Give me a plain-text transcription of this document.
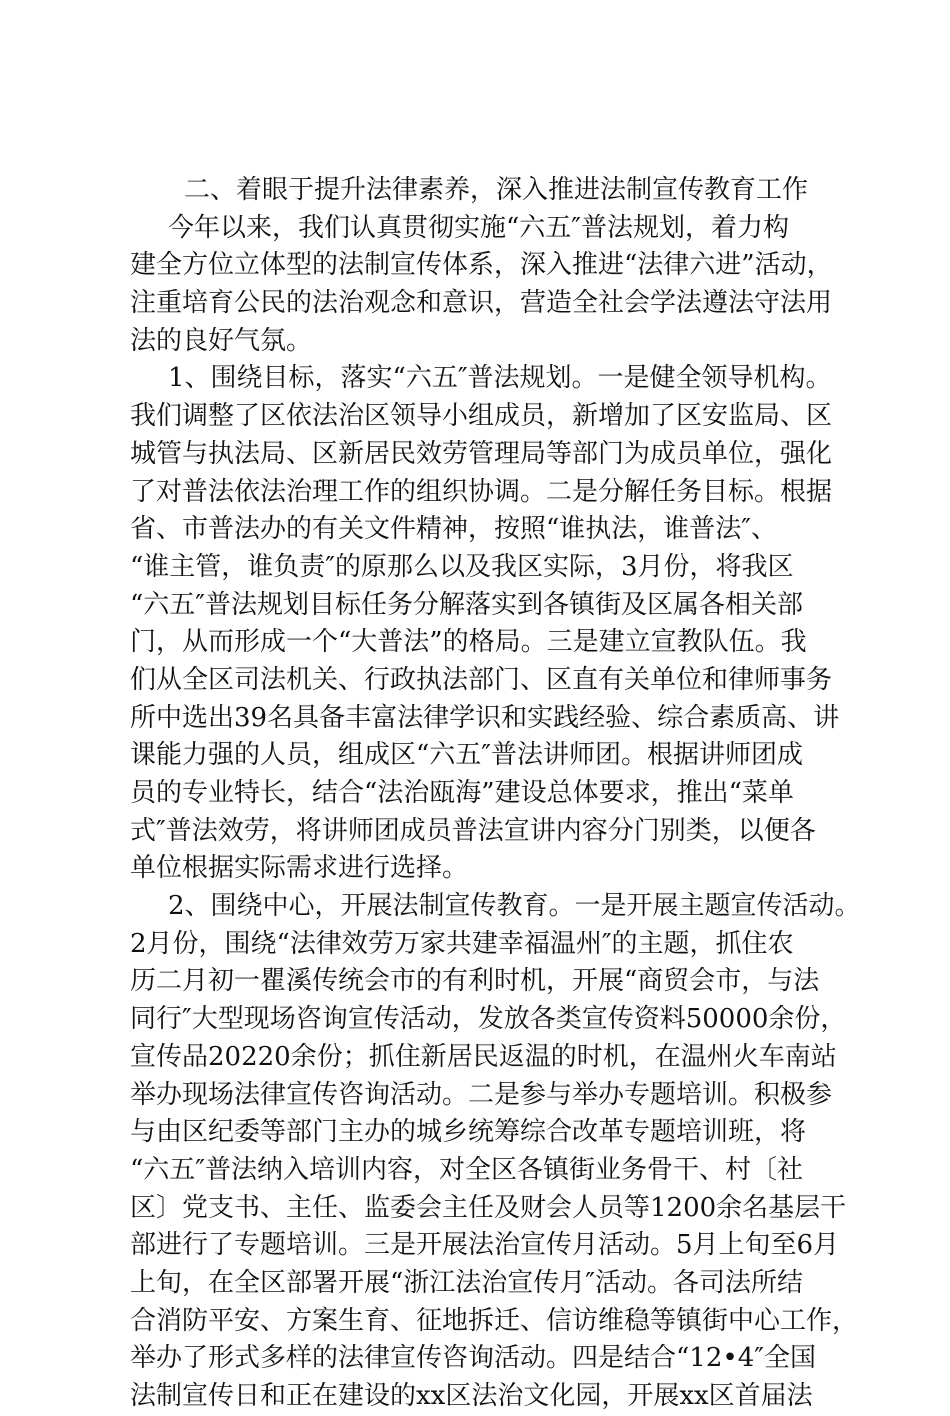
二、着眼于提升法律素养，深入推进法制宣传教育工作
今年以来，我们认真贯彻实施“六五″普法规划，着力构
建全方位立体型的法制宣传体系，深入推进“法律六进”活动，
注重培育公民的法治观念和意识，营造全社会学法遵法守法用
法的良好气氛。
1、围绕目标，落实“六五″普法规划。一是健全领导机构。
我们调整了区依法治区领导小组成员，新增加了区安监局、区
城管与执法局、区新居民效劳管理局等部门为成员单位，强化
了对普法依法治理工作的组织协调。二是分解任务目标。根据
省、市普法办的有关文件精神，按照“谁执法，谁普法″、
“谁主管，谁负责″的原那么以及我区实际，3月份，将我区
“六五″普法规划目标任务分解落实到各镇街及区属各相关部
门，从而形成一个“大普法”的格局。三是建立宣教队伍。我
们从全区司法机关、行政执法部门、区直有关单位和律师事务
所中选出39名具备丰富法律学识和实践经验、综合素质高、讲
课能力强的人员，组成区“六五″普法讲师团。根据讲师团成
员的专业特长，结合“法治瓯海”建设总体要求，推出“菜单
式″普法效劳，将讲师团成员普法宣讲内容分门别类，以便各
单位根据实际需求进行选择。
2、围绕中心，开展法制宣传教育。一是开展主题宣传活动。
2月份，围绕“法律效劳万家共建幸福温州″的主题，抓住农
历二月初一瞿溪传统会市的有利时机，开展“商贸会市，与法
同行″大型现场咨询宣传活动，发放各类宣传资料50000余份，
宣传品20220余份；抓住新居民返温的时机，在温州火车南站
举办现场法律宣传咨询活动。二是参与举办专题培训。积极参
与由区纪委等部门主办的城乡统筹综合改革专题培训班，将
“六五″普法纳入培训内容，对全区各镇街业务骨干、村〔社
区〕党支书、主任、监委会主任及财会人员等1200余名基层干
部进行了专题培训。三是开展法治宣传月活动。5月上旬至6月
上旬，在全区部署开展“浙江法治宣传月″活动。各司法所结
合消防平安、方案生育、征地拆迁、信访维稳等镇街中心工作，
举办了形式多样的法律宣传咨询活动。四是结合“12•4″全国
法制宣传日和正在建设的xx区法治文化园，开展xx区首届法
